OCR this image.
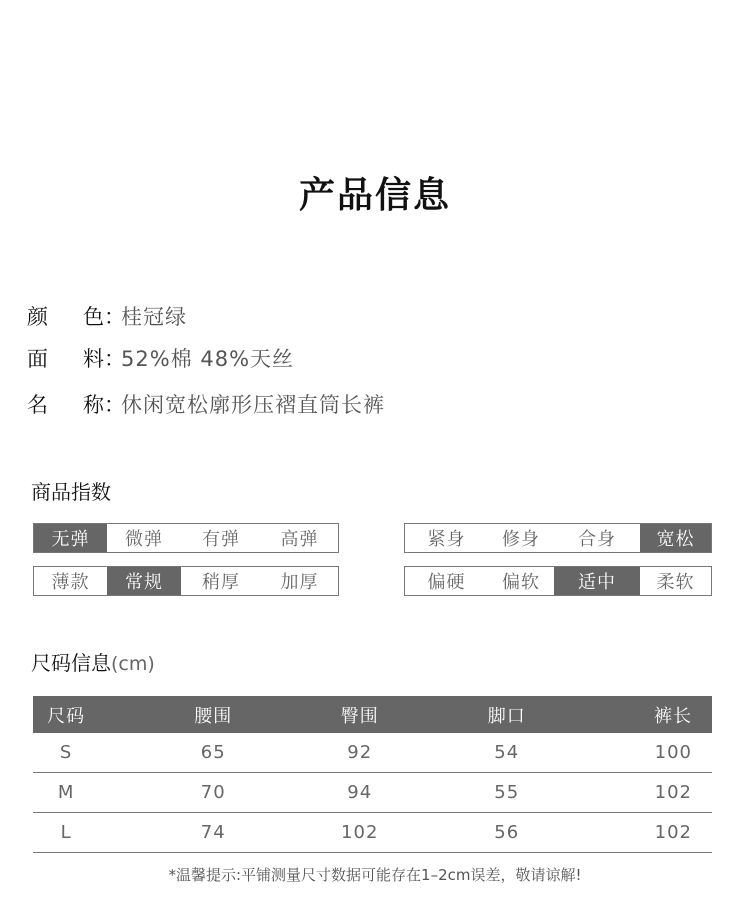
产品信息
颜 色：桂冠绿
面 料：52%棉 48%天丝
名 称：休闲宽松廓形压褶直筒长裤
商品指数
无弹	微弹	有弹	高弹	紧身	修身	合身	宽松
薄款	常规	稍厚	加厚	偏硬	偏软	适中	柔软
尺码信息(cm)
尺码	腰围	臀围	脚口	裤长
S	65	92	54	100
M	70	94	55	102
L	74	102	56	102
*温馨提示:平铺测量尺寸数据可能存在1–2cm误差，敬请谅解!
